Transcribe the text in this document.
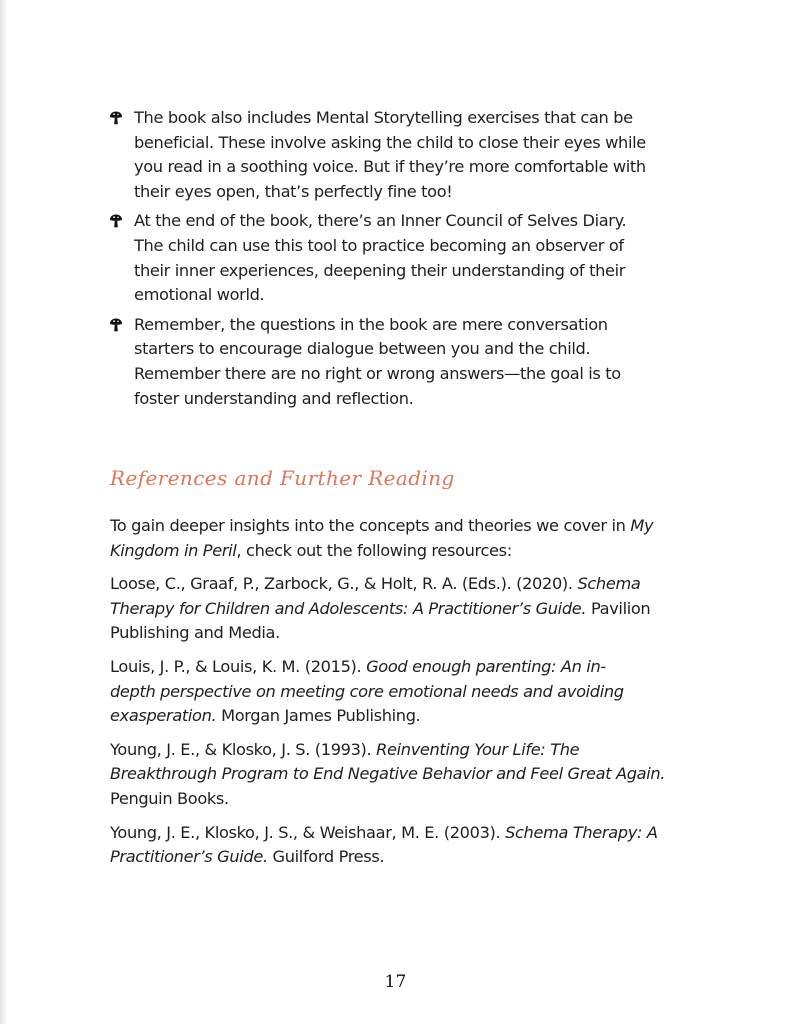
The book also includes Mental Storytelling exercises that can be
beneficial. These involve asking the child to close their eyes while
you read in a soothing voice. But if they’re more comfortable with
their eyes open, that’s perfectly fine too!
At the end of the book, there’s an Inner Council of Selves Diary.
The child can use this tool to practice becoming an observer of
their inner experiences, deepening their understanding of their
emotional world.
Remember, the questions in the book are mere conversation
starters to encourage dialogue between you and the child.
Remember there are no right or wrong answers—the goal is to
foster understanding and reflection.
References and Further Reading

To gain deeper insights into the concepts and theories we cover in My
Kingdom in Peril, check out the following resources:

Loose, C., Graaf, P., Zarbock, G., & Holt, R. A. (Eds.). (2020). Schema
Therapy for Children and Adolescents: A Practitioner’s Guide. Pavilion
Publishing and Media.

Louis, J. P., & Louis, K. M. (2015). Good enough parenting: An in-
depth perspective on meeting core emotional needs and avoiding
exasperation. Morgan James Publishing.

Young, J. E., & Klosko, J. S. (1993). Reinventing Your Life: The
Breakthrough Program to End Negative Behavior and Feel Great Again.
Penguin Books.

Young, J. E., Klosko, J. S., & Weishaar, M. E. (2003). Schema Therapy: A
Practitioner’s Guide. Guilford Press.

17
